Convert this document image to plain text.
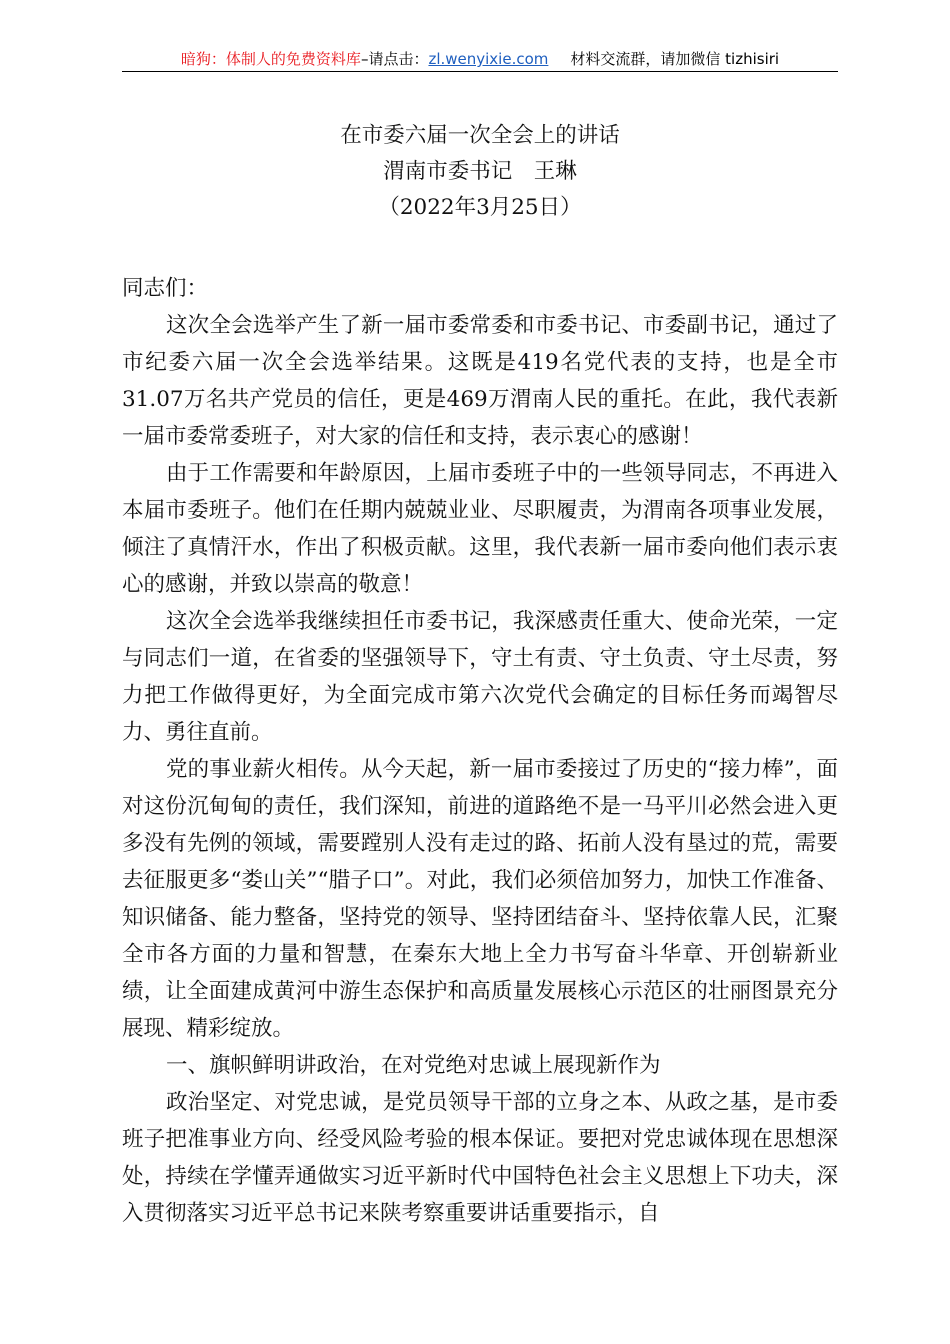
暗狗：体制人的免费资料库–请点击：zl.wenyixie.com 材料交流群，请加微信 tizhisiri
在市委六届一次全会上的讲话
渭南市委书记　王琳
（2022年3月25日）
同志们：

这次全会选举产生了新一届市委常委和市委书记、市委副书记，通过了市纪委六届一次全会选举结果。这既是419名党代表的支持，也是全市31.07万名共产党员的信任，更是469万渭南人民的重托。在此，我代表新一届市委常委班子，对大家的信任和支持，表示衷心的感谢！

由于工作需要和年龄原因，上届市委班子中的一些领导同志，不再进入本届市委班子。他们在任期内兢兢业业、尽职履责，为渭南各项事业发展，倾注了真情汗水，作出了积极贡献。这里，我代表新一届市委向他们表示衷心的感谢，并致以崇高的敬意！

这次全会选举我继续担任市委书记，我深感责任重大、使命光荣，一定与同志们一道，在省委的坚强领导下，守土有责、守土负责、守土尽责，努力把工作做得更好，为全面完成市第六次党代会确定的目标任务而竭智尽力、勇往直前。

党的事业薪火相传。从今天起，新一届市委接过了历史的“接力棒”，面对这份沉甸甸的责任，我们深知，前进的道路绝不是一马平川必然会进入更多没有先例的领域，需要蹚别人没有走过的路、拓前人没有垦过的荒，需要去征服更多“娄山关”“腊子口”。对此，我们必须倍加努力，加快工作准备、知识储备、能力整备，坚持党的领导、坚持团结奋斗、坚持依靠人民，汇聚全市各方面的力量和智慧，在秦东大地上全力书写奋斗华章、开创崭新业绩，让全面建成黄河中游生态保护和高质量发展核心示范区的壮丽图景充分展现、精彩绽放。

一、旗帜鲜明讲政治，在对党绝对忠诚上展现新作为

政治坚定、对党忠诚，是党员领导干部的立身之本、从政之基，是市委班子把准事业方向、经受风险考验的根本保证。要把对党忠诚体现在思想深处，持续在学懂弄通做实习近平新时代中国特色社会主义思想上下功夫，深入贯彻落实习近平总书记来陕考察重要讲话重要指示，自
